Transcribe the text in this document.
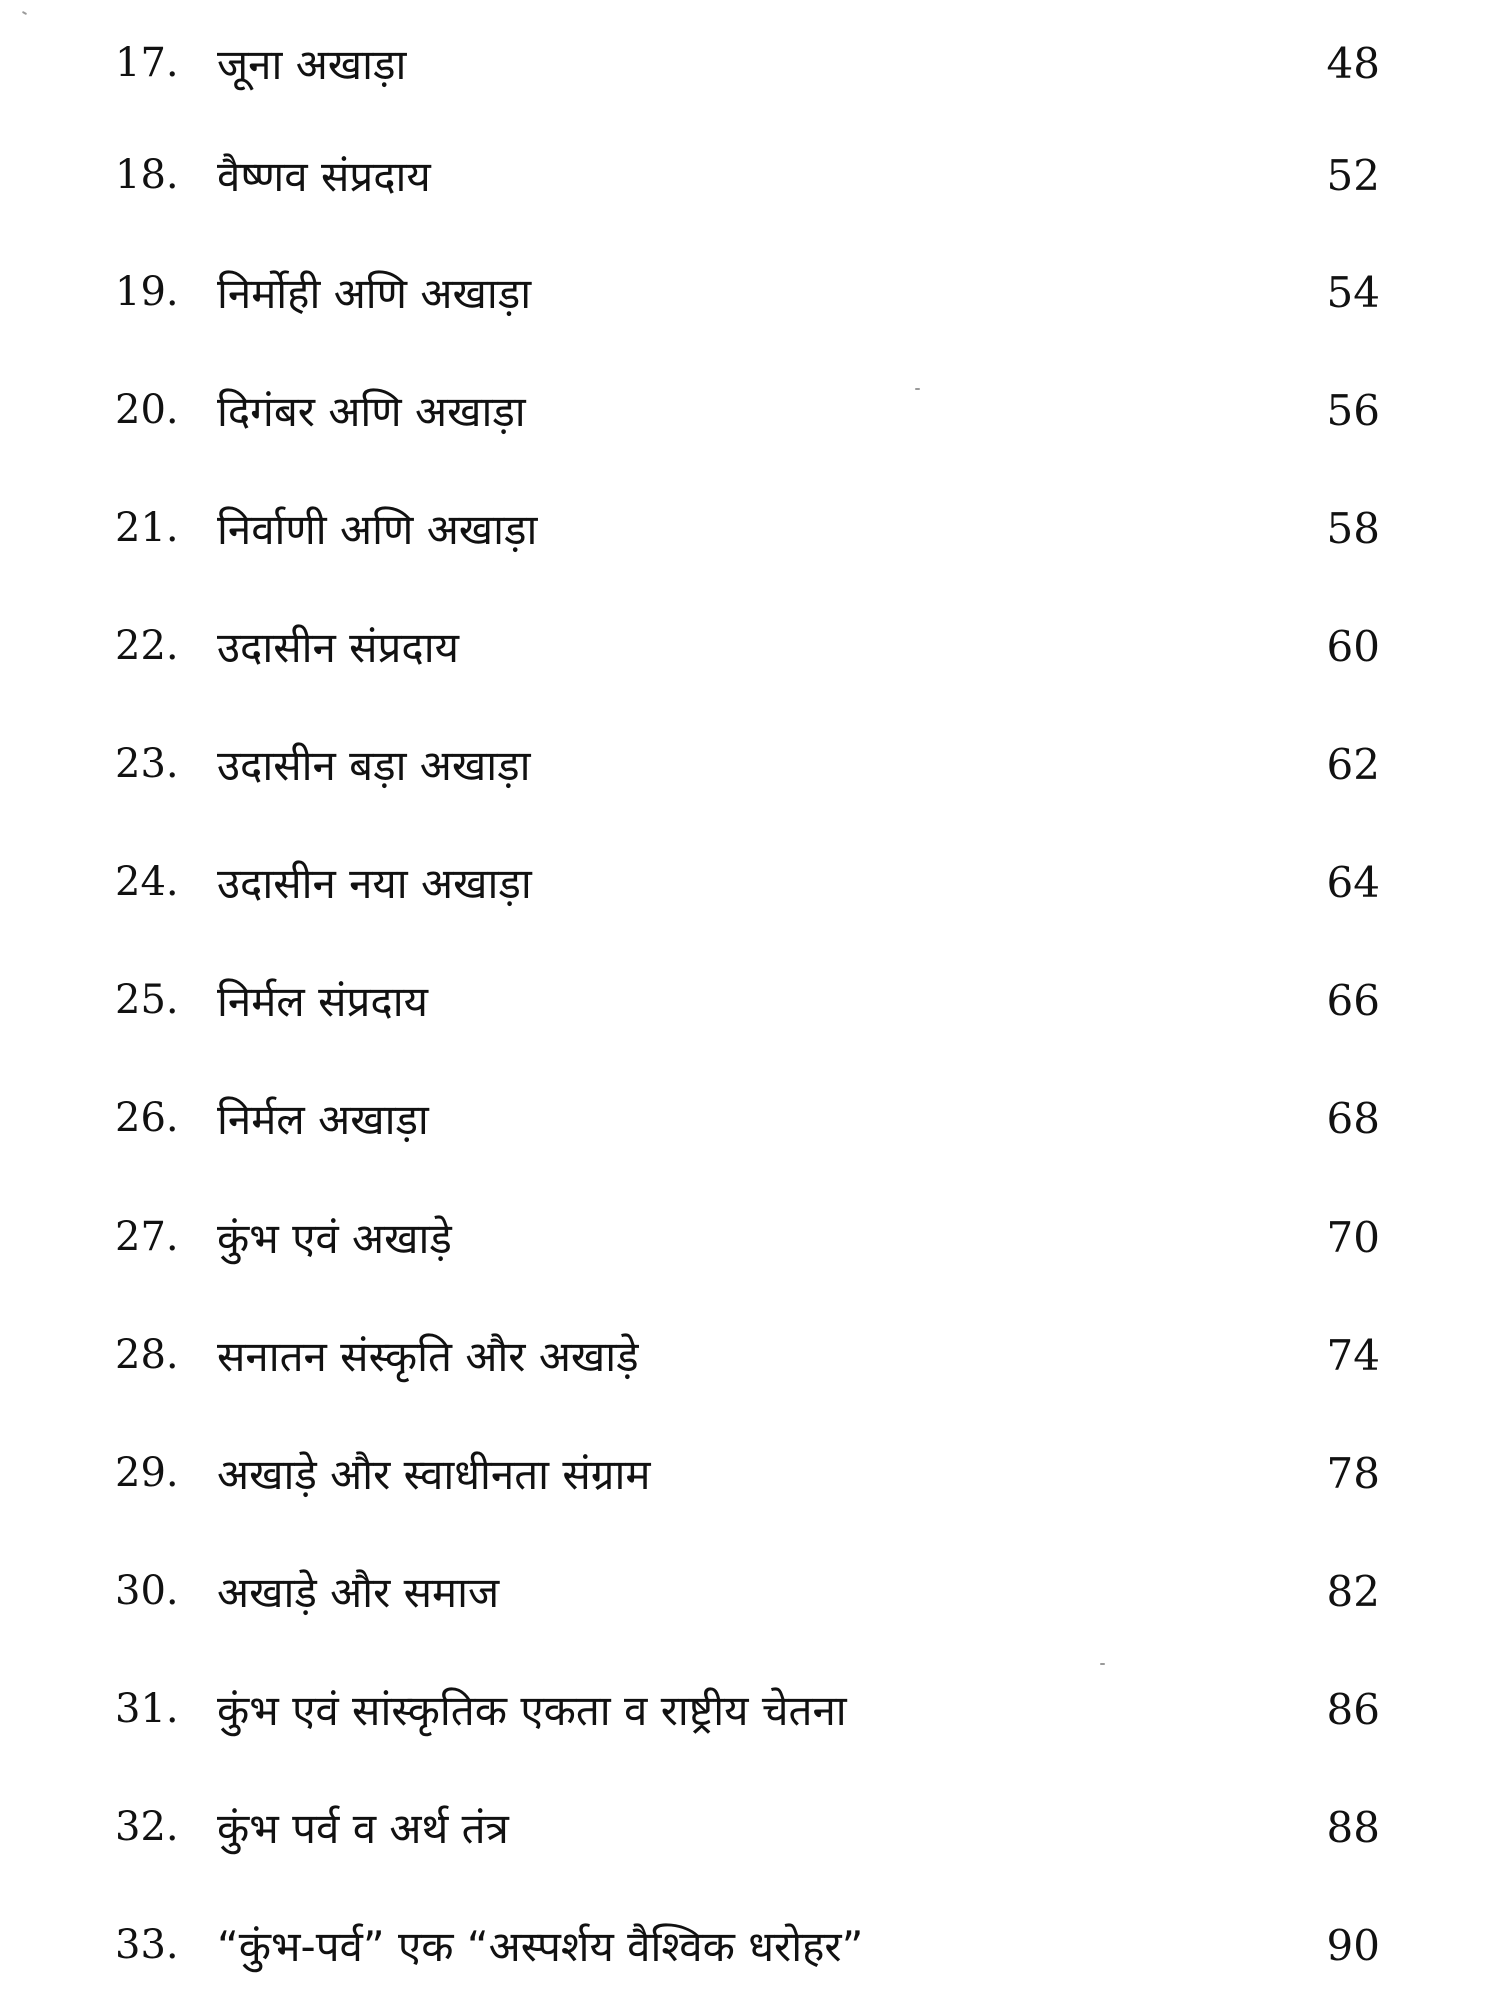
17. जूना अखाड़ा	48
18. वैष्णव संप्रदाय	52
19. निर्मोही अणि अखाड़ा	54
20. दिगंबर अणि अखाड़ा	56
21. निर्वाणी अणि अखाड़ा	58
22. उदासीन संप्रदाय	60
23. उदासीन बड़ा अखाड़ा	62
24. उदासीन नया अखाड़ा	64
25. निर्मल संप्रदाय	66
26. निर्मल अखाड़ा	68
27. कुंभ एवं अखाड़े	70
28. सनातन संस्कृति और अखाड़े	74
29. अखाड़े और स्वाधीनता संग्राम	78
30. अखाड़े और समाज	82
31. कुंभ एवं सांस्कृतिक एकता व राष्ट्रीय चेतना	86
32. कुंभ पर्व व अर्थ तंत्र	88
33. “कुंभ-पर्व” एक “अस्पर्शय वैश्विक धरोहर”	90
